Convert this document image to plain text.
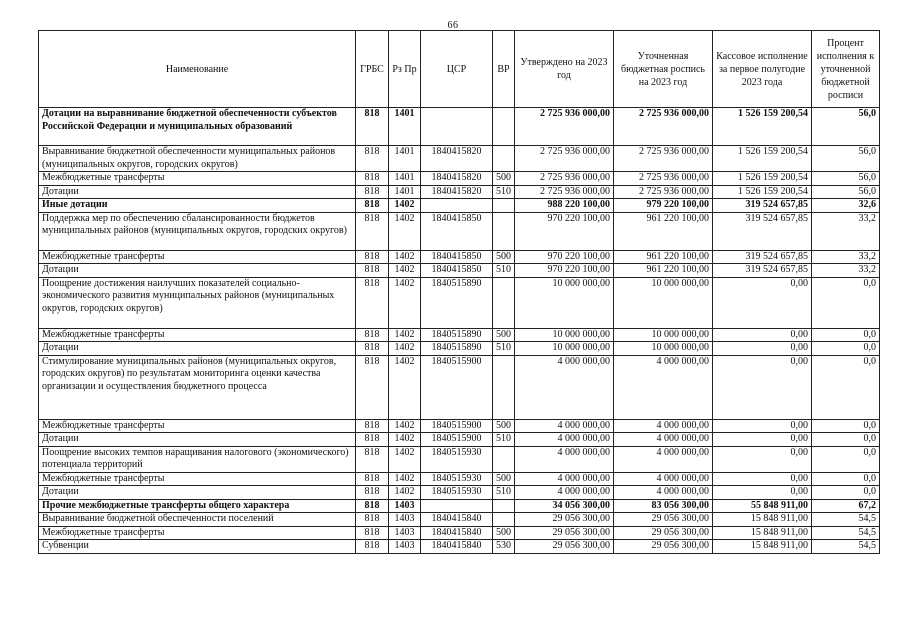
66
Наименование	ГРБС	Рз Пр	ЦСР	ВР	Утверждено на 2023 год	Уточненная бюджетная роспись на 2023 год	Кассовое исполнение за первое полугодие 2023 года	Процент исполнения к уточненной бюджетной росписи
Дотации на выравнивание бюджетной обеспеченности субъектов Российской Федерации и муниципальных образований	818	1401			2 725 936 000,00	2 725 936 000,00	1 526 159 200,54	56,0
Выравнивание бюджетной обеспеченности муниципальных районов (муниципальных округов, городских округов)	818	1401	1840415820		2 725 936 000,00	2 725 936 000,00	1 526 159 200,54	56,0
Межбюджетные трансферты	818	1401	1840415820	500	2 725 936 000,00	2 725 936 000,00	1 526 159 200,54	56,0
Дотации	818	1401	1840415820	510	2 725 936 000,00	2 725 936 000,00	1 526 159 200,54	56,0
Иные дотации	818	1402			988 220 100,00	979 220 100,00	319 524 657,85	32,6
Поддержка мер по обеспечению сбалансированности бюджетов муниципальных районов (муниципальных округов, городских округов)	818	1402	1840415850		970 220 100,00	961 220 100,00	319 524 657,85	33,2
Межбюджетные трансферты	818	1402	1840415850	500	970 220 100,00	961 220 100,00	319 524 657,85	33,2
Дотации	818	1402	1840415850	510	970 220 100,00	961 220 100,00	319 524 657,85	33,2
Поощрение достижения наилучших показателей социально-экономического развития муниципальных районов (муниципальных округов, городских округов)	818	1402	1840515890		10 000 000,00	10 000 000,00	0,00	0,0
Межбюджетные трансферты	818	1402	1840515890	500	10 000 000,00	10 000 000,00	0,00	0,0
Дотации	818	1402	1840515890	510	10 000 000,00	10 000 000,00	0,00	0,0
Стимулирование муниципальных районов (муниципальных округов, городских округов) по результатам мониторинга оценки качества организации и осуществления бюджетного процесса	818	1402	1840515900		4 000 000,00	4 000 000,00	0,00	0,0
Межбюджетные трансферты	818	1402	1840515900	500	4 000 000,00	4 000 000,00	0,00	0,0
Дотации	818	1402	1840515900	510	4 000 000,00	4 000 000,00	0,00	0,0
Поощрение высоких темпов наращивания налогового (экономического) потенциала территорий	818	1402	1840515930		4 000 000,00	4 000 000,00	0,00	0,0
Межбюджетные трансферты	818	1402	1840515930	500	4 000 000,00	4 000 000,00	0,00	0,0
Дотации	818	1402	1840515930	510	4 000 000,00	4 000 000,00	0,00	0,0
Прочие межбюджетные трансферты общего характера	818	1403			34 056 300,00	83 056 300,00	55 848 911,00	67,2
Выравнивание бюджетной обеспеченности поселений	818	1403	1840415840		29 056 300,00	29 056 300,00	15 848 911,00	54,5
Межбюджетные трансферты	818	1403	1840415840	500	29 056 300,00	29 056 300,00	15 848 911,00	54,5
Субвенции	818	1403	1840415840	530	29 056 300,00	29 056 300,00	15 848 911,00	54,5
